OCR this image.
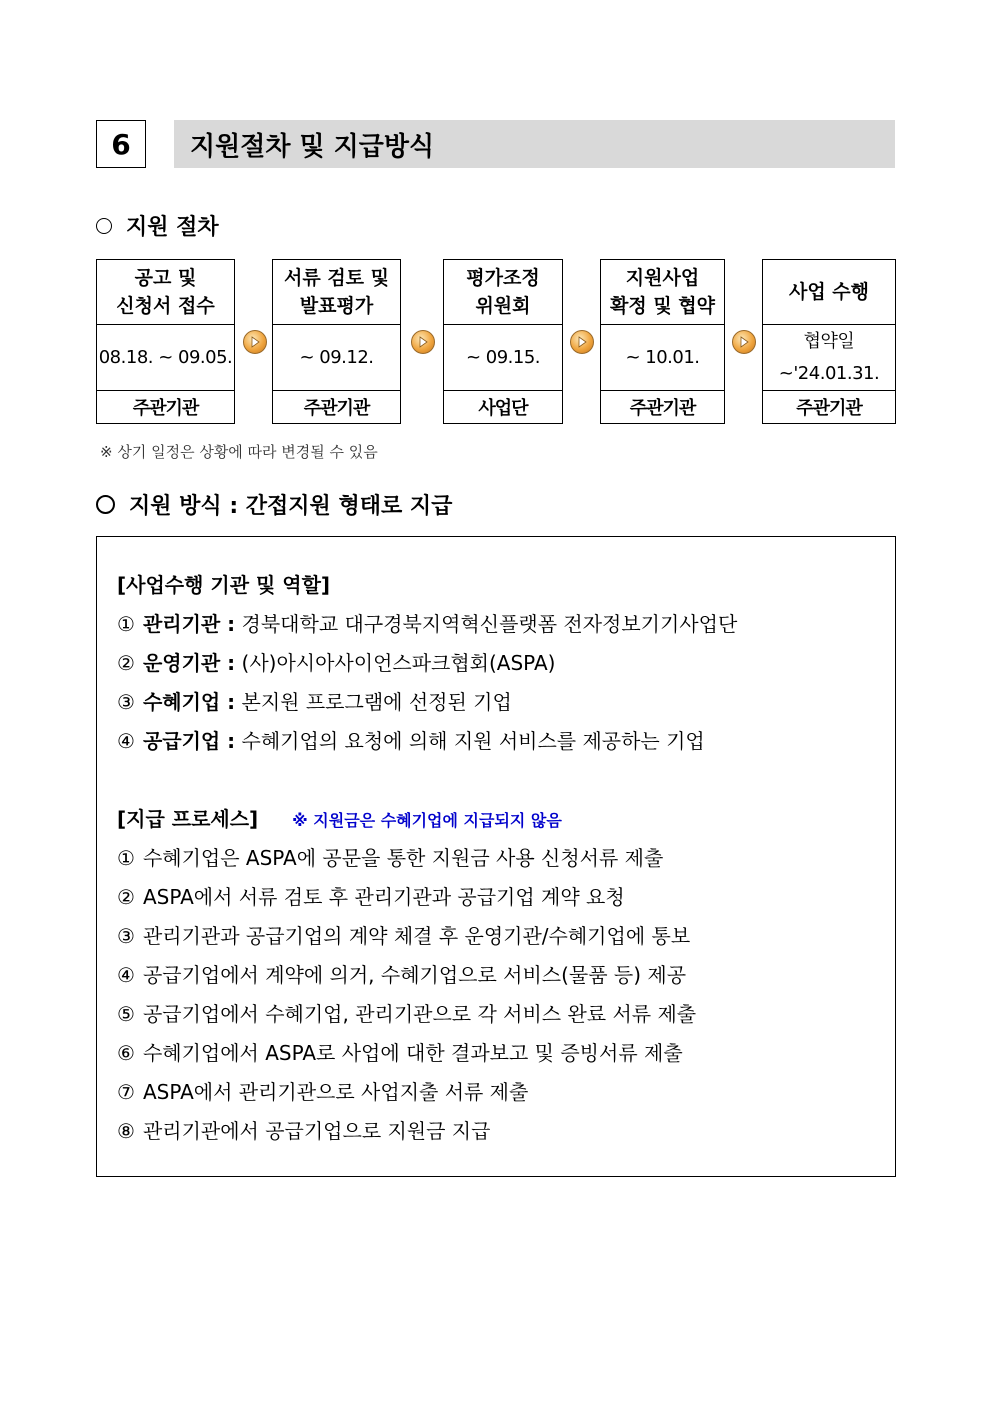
6	지원절차 및 지급방식
지원 절차
공고 및
신청서 접수
08.18. ~ 09.05.
주관기관
서류 검토 및
발표평가
~ 09.12.
주관기관
평가조정
위원회
~ 09.15.
사업단
지원사업
확정 및 협약
~ 10.01.
주관기관
사업 수행
협약일
~'24.01.31.
주관기관
※ 상기 일정은 상황에 따라 변경될 수 있음
지원 방식 : 간접지원 형태로 지급
[사업수행 기관 및 역할]
① 관리기관 : 경북대학교 대구경북지역혁신플랫폼 전자정보기기사업단
② 운영기관 : (사)아시아사이언스파크협회(ASPA)
③ 수혜기업 : 본지원 프로그램에 선정된 기업
④ 공급기업 : 수혜기업의 요청에 의해 지원 서비스를 제공하는 기업
[지급 프로세스] ※ 지원금은 수혜기업에 지급되지 않음
① 수혜기업은 ASPA에 공문을 통한 지원금 사용 신청서류 제출
② ASPA에서 서류 검토 후 관리기관과 공급기업 계약 요청
③ 관리기관과 공급기업의 계약 체결 후 운영기관/수혜기업에 통보
④ 공급기업에서 계약에 의거, 수혜기업으로 서비스(물품 등) 제공
⑤ 공급기업에서 수혜기업, 관리기관으로 각 서비스 완료 서류 제출
⑥ 수혜기업에서 ASPA로 사업에 대한 결과보고 및 증빙서류 제출
⑦ ASPA에서 관리기관으로 사업지출 서류 제출
⑧ 관리기관에서 공급기업으로 지원금 지급
